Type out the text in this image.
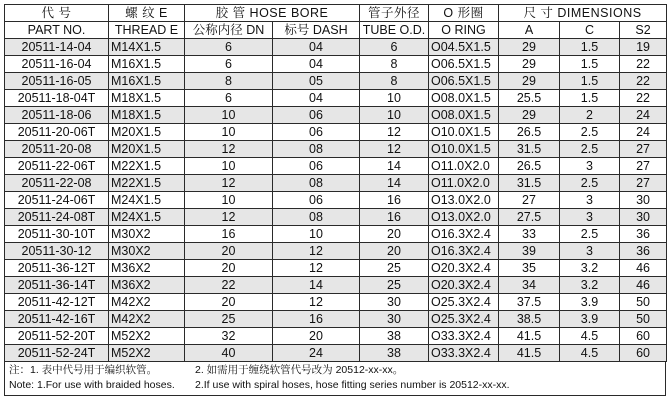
代 号	螺 纹 E	胶 管 HOSE BORE		管子外径	O 形圈	尺 寸 DIMENSIONS		
PART NO.	THREAD E	公称内径 DN	标号 DASH	TUBE O.D.	O RING	A	C	S2
20511-14-04	M14X1.5	6	04	6	O04.5X1.5	29	1.5	19
20511-16-04	M16X1.5	6	04	8	O06.5X1.5	29	1.5	22
20511-16-05	M16X1.5	8	05	8	O06.5X1.5	29	1.5	22
20511-18-04T	M18X1.5	6	04	10	O08.0X1.5	25.5	1.5	22
20511-18-06	M18X1.5	10	06	10	O08.0X1.5	29	2	24
20511-20-06T	M20X1.5	10	06	12	O10.0X1.5	26.5	2.5	24
20511-20-08	M20X1.5	12	08	12	O10.0X1.5	31.5	2.5	27
20511-22-06T	M22X1.5	10	06	14	O11.0X2.0	26.5	3	27
20511-22-08	M22X1.5	12	08	14	O11.0X2.0	31.5	2.5	27
20511-24-06T	M24X1.5	10	06	16	O13.0X2.0	27	3	30
20511-24-08T	M24X1.5	12	08	16	O13.0X2.0	27.5	3	30
20511-30-10T	M30X2	16	10	20	O16.3X2.4	33	2.5	36
20511-30-12	M30X2	20	12	20	O16.3X2.4	39	3	36
20511-36-12T	M36X2	20	12	25	O20.3X2.4	35	3.2	46
20511-36-14T	M36X2	22	14	25	O20.3X2.4	34	3.2	46
20511-42-12T	M42X2	20	12	30	O25.3X2.4	37.5	3.9	50
20511-42-16T	M42X2	25	16	30	O25.3X2.4	38.5	3.9	50
20511-52-20T	M52X2	32	20	38	O33.3X2.4	41.5	4.5	60
20511-52-24T	M52X2	40	24	38	O33.3X2.4	41.5	4.5	60
注：1. 表中代号用于编织软管。	2. 如需用于缠绕软管代号改为 20512-xx-xx。
Note: 1.For use with braided hoses.	2.If use with spiral hoses, hose fitting series number is 20512-xx-xx.
